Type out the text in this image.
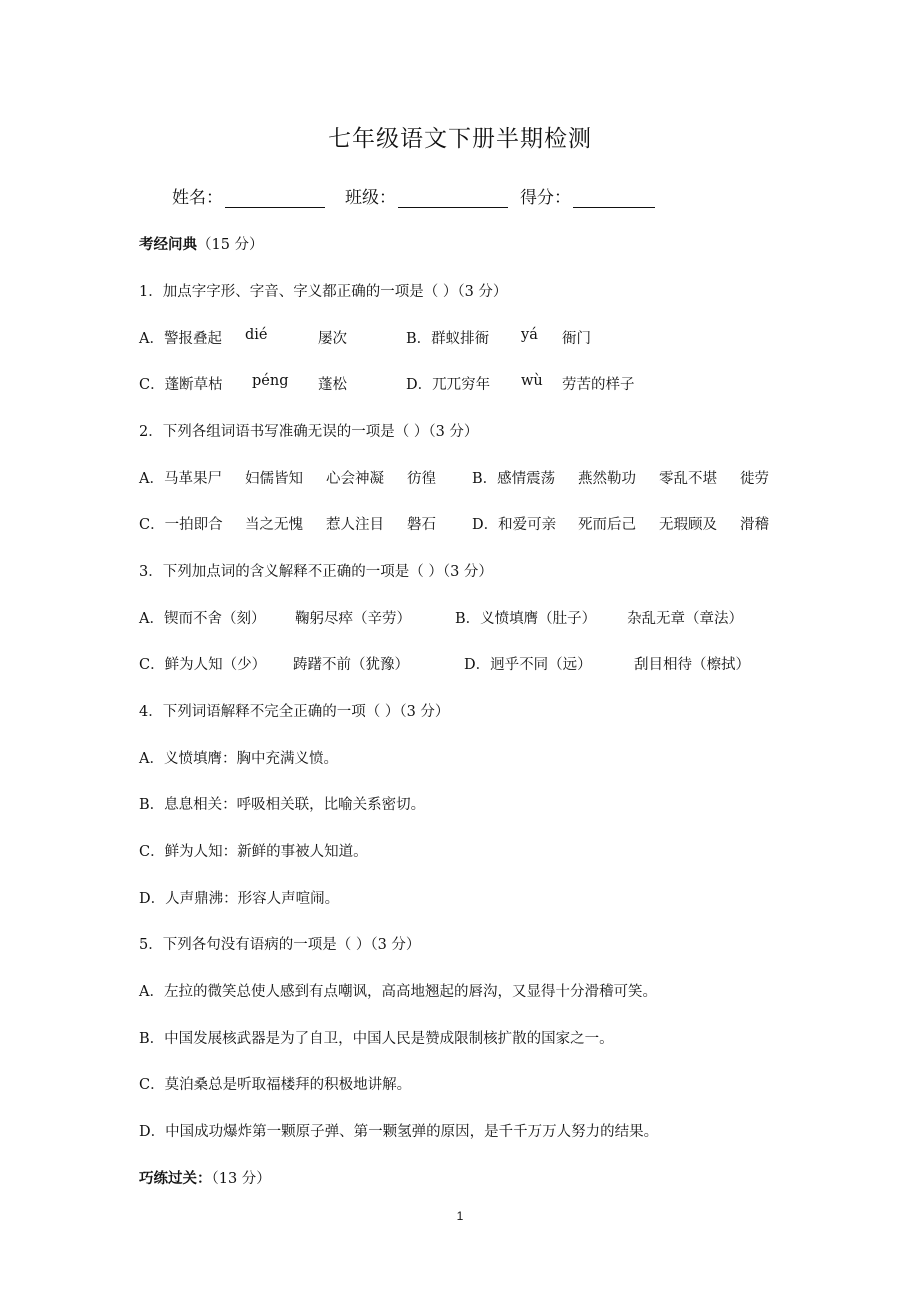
七年级语文下册半期检测
姓名：	班级：	得分：
考经问典（15 分）
1．加点字字形、字音、字义都正确的一项是（ ）（3 分）
A．警报叠起 dié	屡次	B．群蚁排衙 yá 衙门
C．蓬断草枯 péng 蓬松	D．兀兀穷年 wù 劳苦的样子
2．下列各组词语书写准确无误的一项是（ ）（3 分）
A．马革果尸 妇儒皆知 心会神凝 彷徨 B．感情震荡 燕然勒功 零乱不堪 徙劳
C．一拍即合 当之无愧 惹人注目 磐石 D．和爱可亲 死而后己 无瑕顾及 滑稽
3．下列加点词的含义解释不正确的一项是（ ）（3 分）
A．锲而不舍（刻） 鞠躬尽瘁（辛劳）	B．义愤填膺（肚子） 杂乱无章（章法）
C．鲜为人知（少） 踌躇不前（犹豫）	D．迥乎不同（远）	刮目相待（檫拭）
4．下列词语解释不完全正确的一项（ ）（3 分）
A．义愤填膺：胸中充满义愤。
B．息息相关：呼吸相关联，比喻关系密切。
C．鲜为人知：新鲜的事被人知道。
D．人声鼎沸：形容人声喧闹。
5．下列各句没有语病的一项是（ ）（3 分）
A．左拉的微笑总使人感到有点嘲讽，高高地翘起的唇沟，又显得十分滑稽可笑。
B．中国发展核武器是为了自卫，中国人民是赞成限制核扩散的国家之一。
C．莫泊桑总是听取福楼拜的积极地讲解。
D．中国成功爆炸第一颗原子弹、第一颗氢弹的原因，是千千万万人努力的结果。
巧练过关：（13 分）
1
